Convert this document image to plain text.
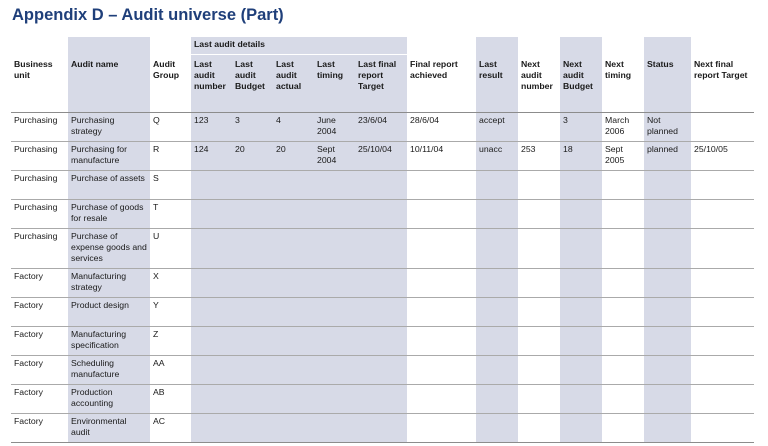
Appendix D – Audit universe (Part)
			Last audit details											
Business unit	Audit name	Audit Group	Last audit number	Last audit Budget	Last audit actual	Last timing	Last final report Target	Final report achieved	Last result	Next audit number	Next audit Budget	Next timing	Status	Next final report Target
Purchasing	Purchasing strategy	Q	123	3	4	June 2004	23/6/04	28/6/04	accept		3	March 2006	Not planned	
Purchasing	Purchasing for manufacture	R	124	20	20	Sept 2004	25/10/04	10/11/04	unacc	253	18	Sept 2005	planned	25/10/05
Purchasing	Purchase of assets	S												
Purchasing	Purchase of goods for resale	T												
Purchasing	Purchase of expense goods and services	U												
Factory	Manufacturing strategy	X												
Factory	Product design	Y												
Factory	Manufacturing specification	Z												
Factory	Scheduling manufacture	AA												
Factory	Production accounting	AB												
Factory	Environmental audit	AC												
